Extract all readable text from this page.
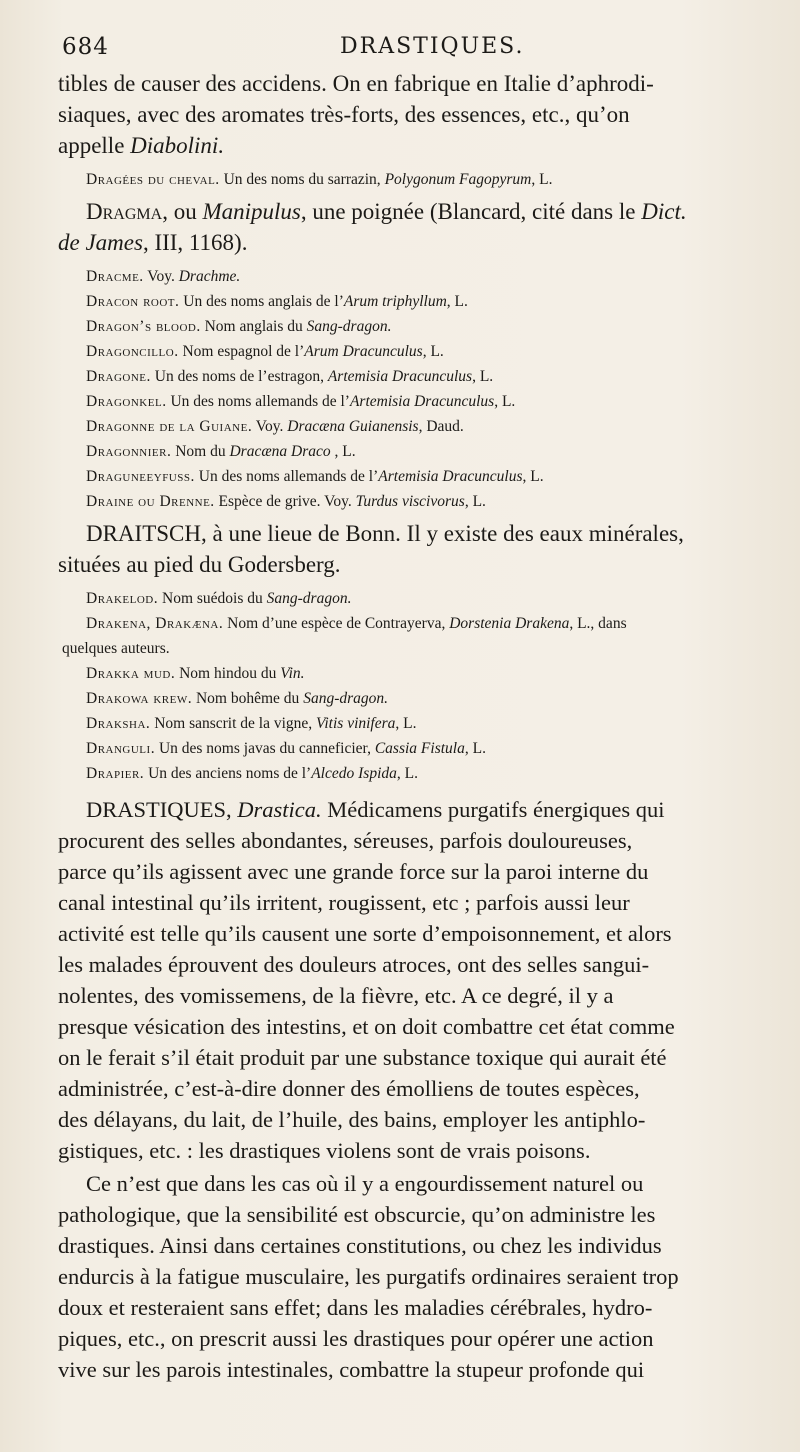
684	DRASTIQUES.

tibles de causer des accidens. On en fabrique en Italie d’aphrodi-
siaques, avec des aromates très-forts, des essences, etc., qu’on
appelle Diabolini.

Dragées du cheval. Un des noms du sarrazin, Polygonum Fagopyrum, L.

Dragma, ou Manipulus, une poignée (Blancard, cité dans le Dict.
de James, III, 1168).

Dracme. Voy. Drachme.

Dracon root. Un des noms anglais de l’Arum triphyllum, L.

Dragon’s blood. Nom anglais du Sang-dragon.

Dragoncillo. Nom espagnol de l’Arum Dracunculus, L.

Dragone. Un des noms de l’estragon, Artemisia Dracunculus, L.

Dragonkel. Un des noms allemands de l’Artemisia Dracunculus, L.

Dragonne de la Guiane. Voy. Dracæna Guianensis, Daud.

Dragonnier. Nom du Dracæna Draco , L.

Draguneeyfuss. Un des noms allemands de l’Artemisia Dracunculus, L.

Draine ou Drenne. Espèce de grive. Voy. Turdus viscivorus, L.

DRAITSCH, à une lieue de Bonn. Il y existe des eaux minérales,
situées au pied du Godersberg.

Drakelod. Nom suédois du Sang-dragon.

Drakena, Drakæna. Nom d’une espèce de Contrayerva, Dorstenia Drakena, L., dans

quelques auteurs.

Drakka mud. Nom hindou du Vin.

Drakowa krew. Nom bohême du Sang-dragon.

Draksha. Nom sanscrit de la vigne, Vitis vinifera, L.

Dranguli. Un des noms javas du canneficier, Cassia Fistula, L.

Drapier. Un des anciens noms de l’Alcedo Ispida, L.

DRASTIQUES, Drastica. Médicamens purgatifs énergiques qui
procurent des selles abondantes, séreuses, parfois douloureuses,
parce qu’ils agissent avec une grande force sur la paroi interne du
canal intestinal qu’ils irritent, rougissent, etc ; parfois aussi leur
activité est telle qu’ils causent une sorte d’empoisonnement, et alors
les malades éprouvent des douleurs atroces, ont des selles sangui-
nolentes, des vomissemens, de la fièvre, etc. A ce degré, il y a
presque vésication des intestins, et on doit combattre cet état comme
on le ferait s’il était produit par une substance toxique qui aurait été
administrée, c’est-à-dire donner des émolliens de toutes espèces,
des délayans, du lait, de l’huile, des bains, employer les antiphlo-
gistiques, etc. : les drastiques violens sont de vrais poisons.

Ce n’est que dans les cas où il y a engourdissement naturel ou
pathologique, que la sensibilité est obscurcie, qu’on administre les
drastiques. Ainsi dans certaines constitutions, ou chez les individus
endurcis à la fatigue musculaire, les purgatifs ordinaires seraient trop
doux et resteraient sans effet; dans les maladies cérébrales, hydro-
piques, etc., on prescrit aussi les drastiques pour opérer une action
vive sur les parois intestinales, combattre la stupeur profonde qui
